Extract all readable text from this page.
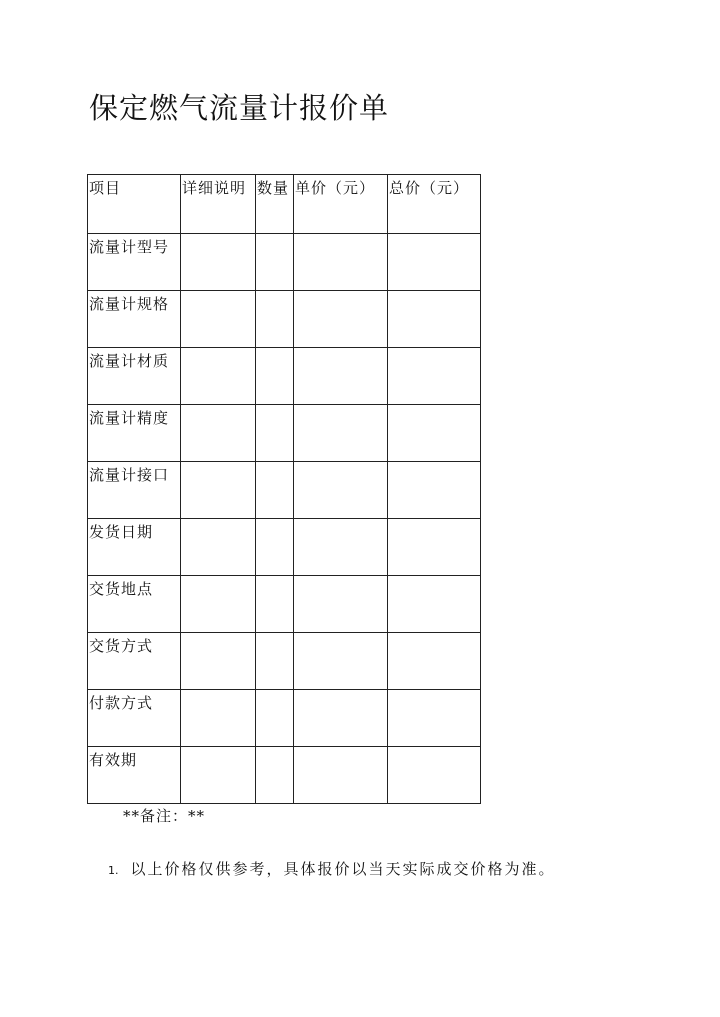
保定燃气流量计报价单
项目	详细说明	数量	单价（元）	总价（元）
流量计型号				
流量计规格				
流量计材质				
流量计精度				
流量计接口				
发货日期				
交货地点				
交货方式				
付款方式				
有效期				
**备注：**
1. 以上价格仅供参考，具体报价以当天实际成交价格为准。
